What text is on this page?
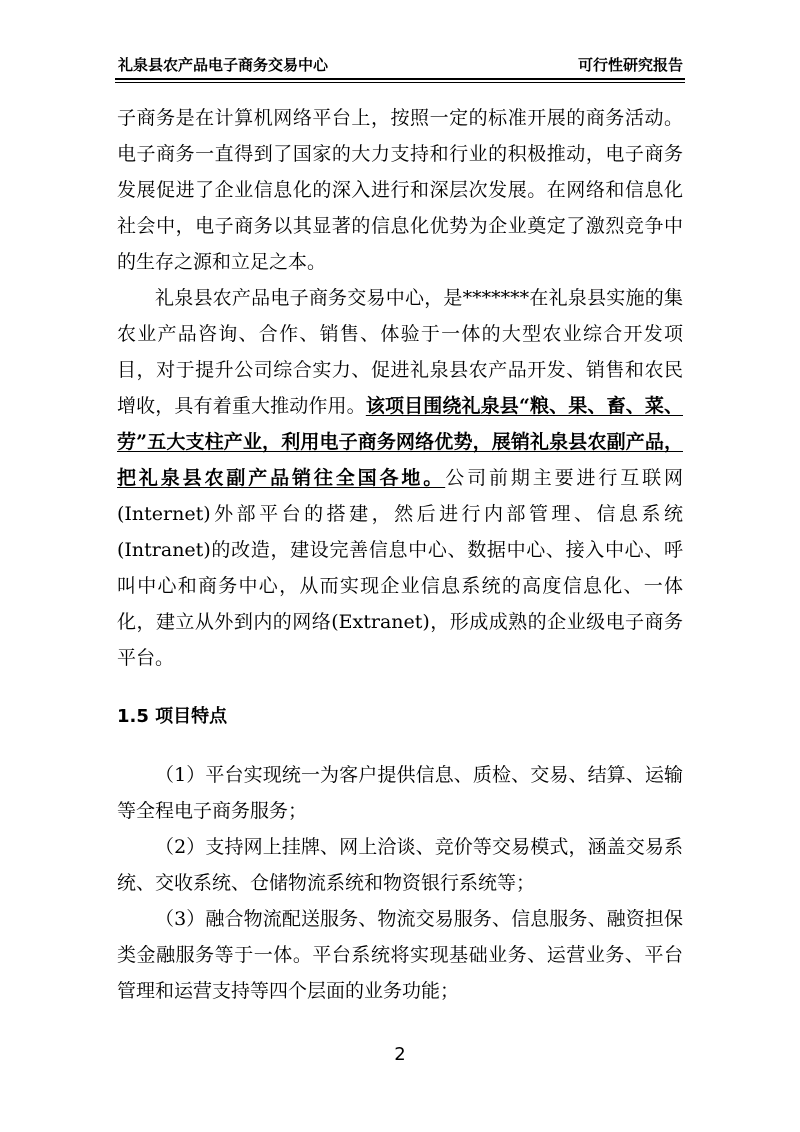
礼泉县农产品电子商务交易中心	可行性研究报告

子商务是在计算机网络平台上，按照一定的标准开展的商务活动。电子商务一直得到了国家的大力支持和行业的积极推动，电子商务发展促进了企业信息化的深入进行和深层次发展。在网络和信息化社会中，电子商务以其显著的信息化优势为企业奠定了激烈竞争中的生存之源和立足之本。

礼泉县农产品电子商务交易中心，是*******在礼泉县实施的集农业产品咨询、合作、销售、体验于一体的大型农业综合开发项目，对于提升公司综合实力、促进礼泉县农产品开发、销售和农民增收，具有着重大推动作用。该项目围绕礼泉县“粮、果、畜、菜、劳”五大支柱产业，利用电子商务网络优势，展销礼泉县农副产品，把礼泉县农副产品销往全国各地。公司前期主要进行互联网(Internet)外部平台的搭建，然后进行内部管理、信息系统(Intranet)的改造，建设完善信息中心、数据中心、接入中心、呼叫中心和商务中心，从而实现企业信息系统的高度信息化、一体化，建立从外到内的网络(Extranet)，形成成熟的企业级电子商务平台。

1.5 项目特点

（1）平台实现统一为客户提供信息、质检、交易、结算、运输等全程电子商务服务；

（2）支持网上挂牌、网上洽谈、竞价等交易模式，涵盖交易系统、交收系统、仓储物流系统和物资银行系统等；

（3）融合物流配送服务、物流交易服务、信息服务、融资担保类金融服务等于一体。平台系统将实现基础业务、运营业务、平台管理和运营支持等四个层面的业务功能；

2
